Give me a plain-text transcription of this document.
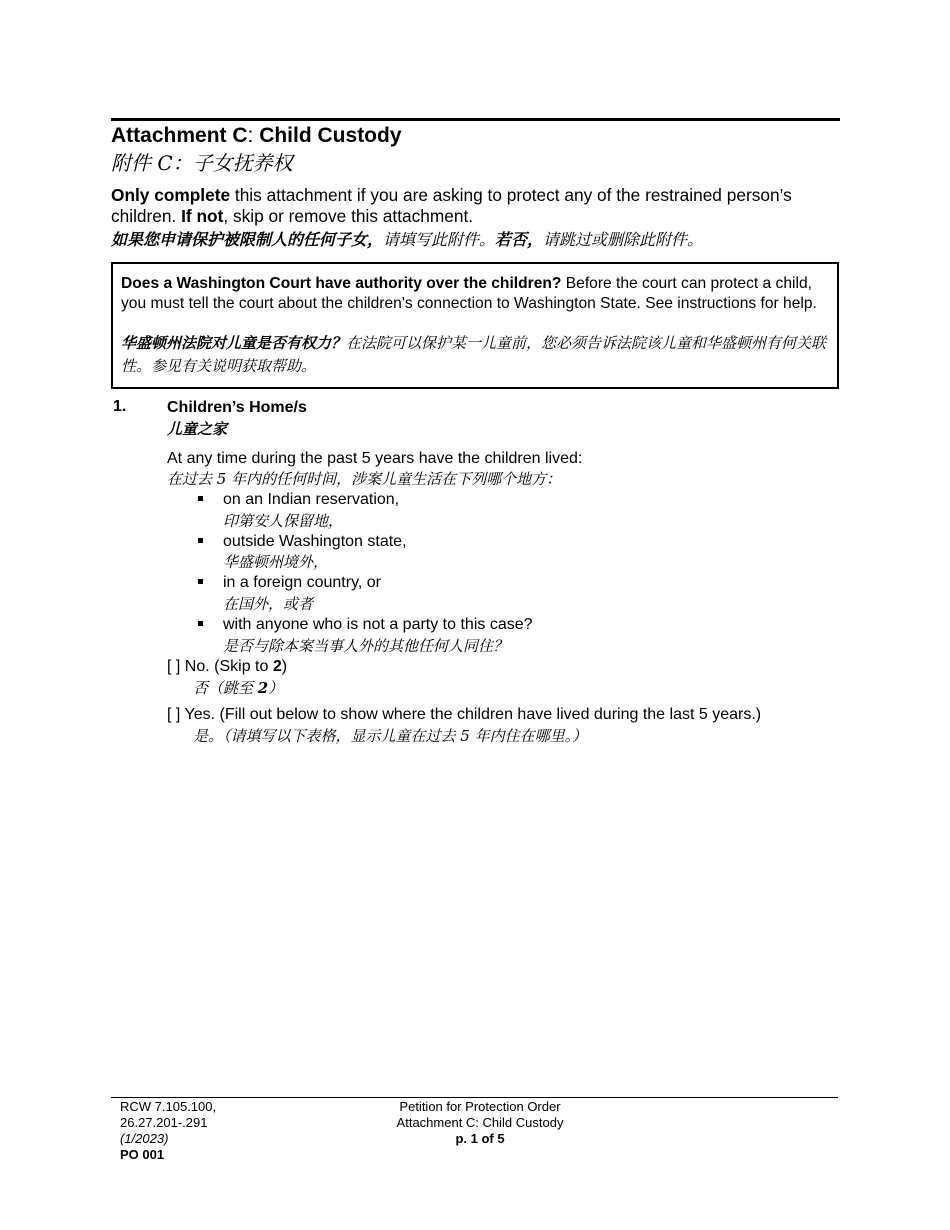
Attachment C: Child Custody
附件 C：子女抚养权
Only complete this attachment if you are asking to protect any of the restrained person’s children. If not, skip or remove this attachment.
如果您申请保护被限制人的任何子女，请填写此附件。若否，请跳过或删除此附件。
Does a Washington Court have authority over the children? Before the court can protect a child, you must tell the court about the children's connection to Washington State. See instructions for help.
华盛顿州法院对儿童是否有权力？在法院可以保护某一儿童前，您必须告诉法院该儿童和华盛顿州有何关联性。参见有关说明获取帮助。
1.	Children’s Home/s
儿童之家
At any time during the past 5 years have the children lived:
在过去 5 年内的任何时间，涉案儿童生活在下列哪个地方：
on an Indian reservation,
印第安人保留地，
outside Washington state,
华盛顿州境外，
in a foreign country, or
在国外，或者
with anyone who is not a party to this case?
是否与除本案当事人外的其他任何人同住？
[ ] No. (Skip to 2)
否（跳至 2）
[ ] Yes. (Fill out below to show where the children have lived during the last 5 years.)
是。（请填写以下表格，显示儿童在过去 5 年内住在哪里。）
RCW 7.105.100,
26.27.201-.291
(1/2023)
PO 001
Petition for Protection Order
Attachment C: Child Custody
p. 1 of 5
